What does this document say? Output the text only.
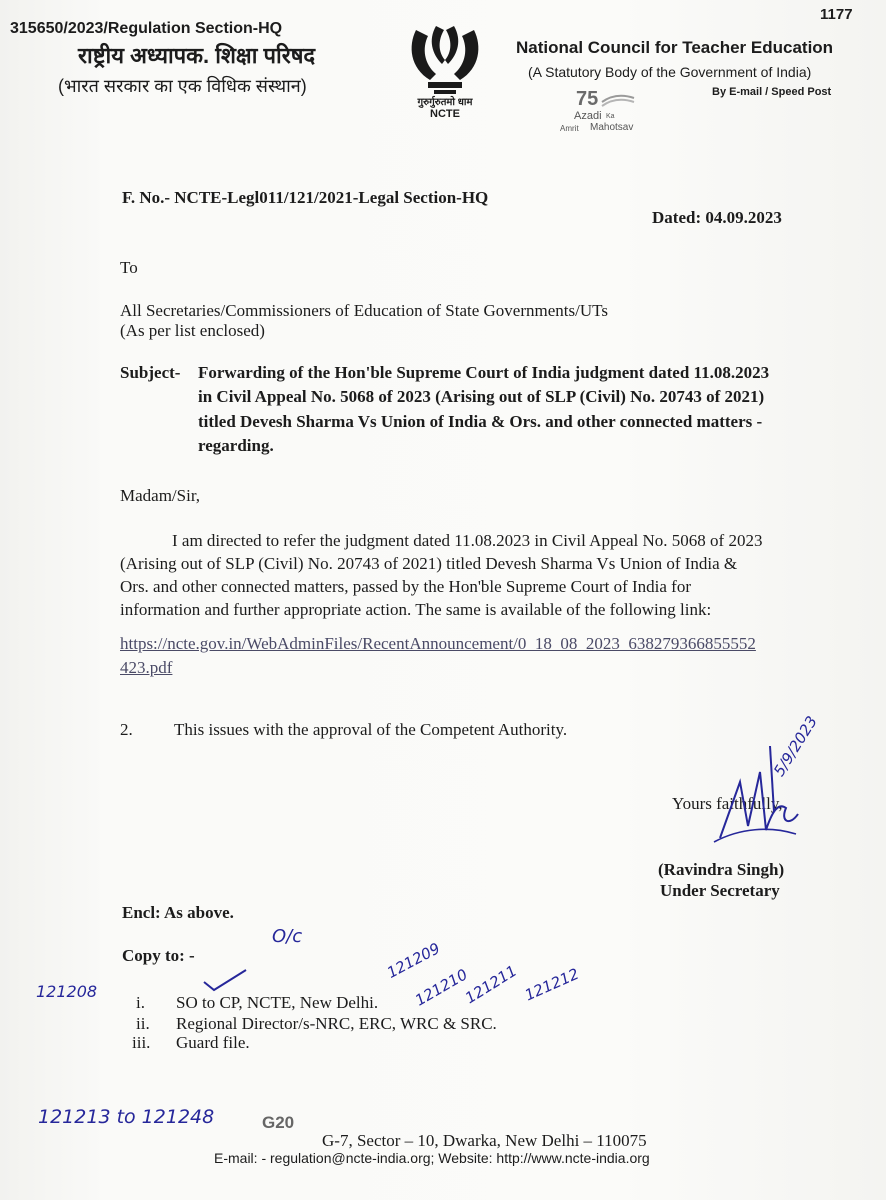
1177
315650/2023/Regulation Section-HQ
राष्ट्रीय अध्यापक. शिक्षा परिषद
(भारत सरकार का एक विधिक संस्थान)
गुरुर्गुरुतमो धाम
NCTE
National Council for Teacher Education
(A Statutory Body of the Government of India)
By E-mail / Speed Post
75
Azadi Ka
Amrit Mahotsav
F. No.- NCTE-Legl011/121/2021-Legal Section-HQ
Dated: 04.09.2023
To
All Secretaries/Commissioners of Education of State Governments/UTs
(As per list enclosed)
Subject- Forwarding of the Hon'ble Supreme Court of India judgment dated 11.08.2023
in Civil Appeal No. 5068 of 2023 (Arising out of SLP (Civil) No. 20743 of 2021)
titled Devesh Sharma Vs Union of India & Ors. and other connected matters -
regarding.
Madam/Sir,
I am directed to refer the judgment dated 11.08.2023 in Civil Appeal No. 5068 of 2023
(Arising out of SLP (Civil) No. 20743 of 2021) titled Devesh Sharma Vs Union of India &
Ors. and other connected matters, passed by the Hon'ble Supreme Court of India for
information and further appropriate action. The same is available of the following link:
https://ncte.gov.in/WebAdminFiles/RecentAnnouncement/0_18_08_2023_638279366855552
423.pdf
2. This issues with the approval of the Competent Authority.
Yours faithfully,
5/9/2023
(Ravindra Singh)
Under Secretary
Encl: As above.
Copy to: -
i. SO to CP, NCTE, New Delhi.
ii. Regional Director/s-NRC, ERC, WRC & SRC.
iii. Guard file.
O/c
121208
121209
121210
121211 121212
121213 to 121248	G20
G-7, Sector – 10, Dwarka, New Delhi – 110075
E-mail: - regulation@ncte-india.org; Website: http://www.ncte-india.org
